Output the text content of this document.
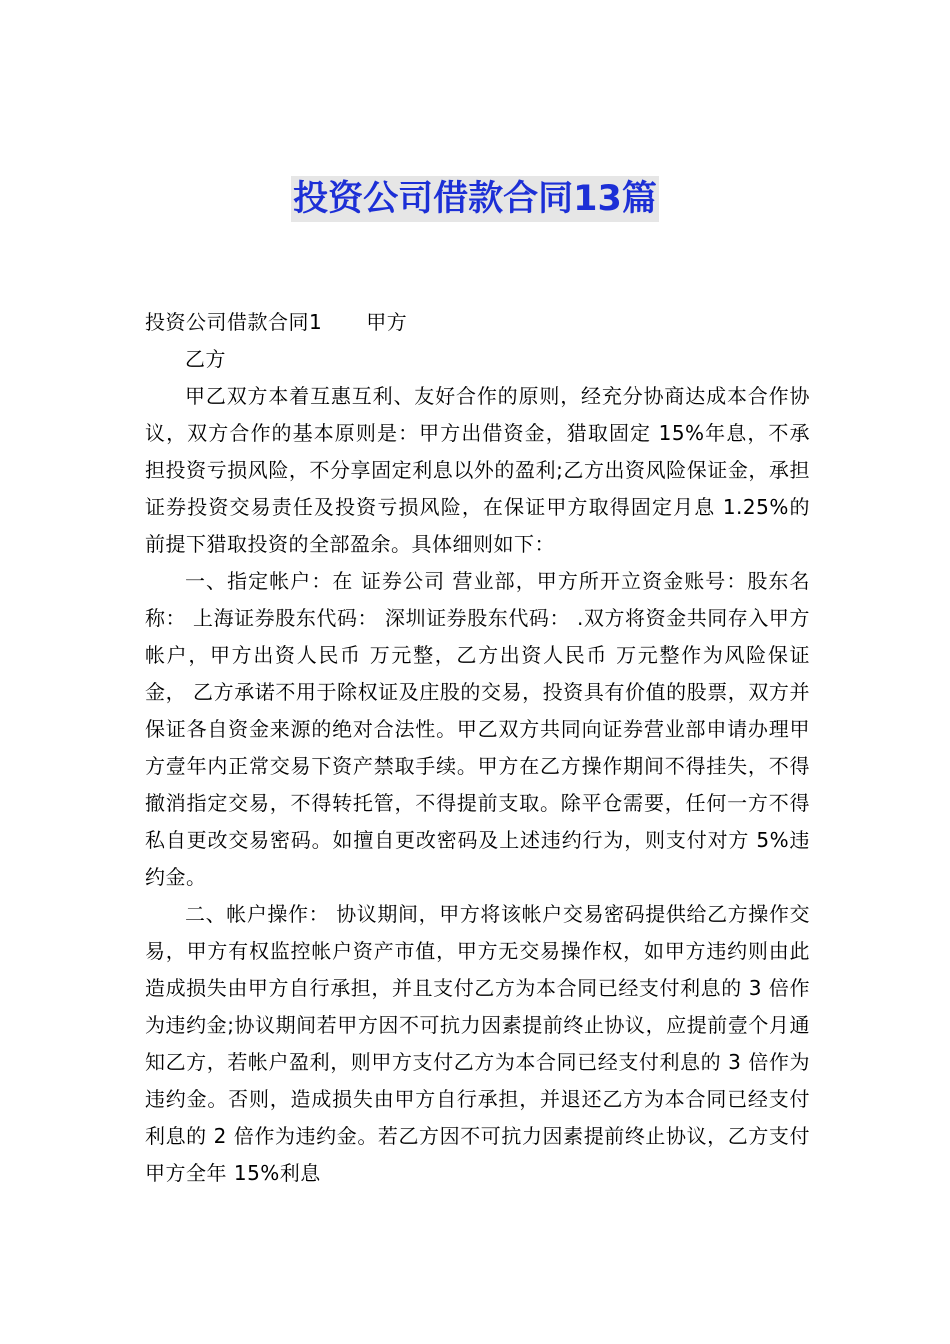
投资公司借款合同13篇

投资公司借款合同1 甲方

乙方

甲乙双方本着互惠互利、友好合作的原则，经充分协商达成本合作协议，双方合作的基本原则是：甲方出借资金，猎取固定 15%年息，不承担投资亏损风险，不分享固定利息以外的盈利;乙方出资风险保证金，承担证券投资交易责任及投资亏损风险，在保证甲方取得固定月息 1.25%的前提下猎取投资的全部盈余。具体细则如下：

一、指定帐户：在 证券公司 营业部，甲方所开立资金账号：股东名称： 上海证券股东代码： 深圳证券股东代码： .双方将资金共同存入甲方帐户，甲方出资人民币 万元整，乙方出资人民币 万元整作为风险保证金， 乙方承诺不用于除权证及庄股的交易，投资具有价值的股票，双方并保证各自资金来源的绝对合法性。甲乙双方共同向证券营业部申请办理甲方壹年内正常交易下资产禁取手续。甲方在乙方操作期间不得挂失，不得撤消指定交易，不得转托管，不得提前支取。除平仓需要，任何一方不得私自更改交易密码。如擅自更改密码及上述违约行为，则支付对方 5%违约金。

二、帐户操作： 协议期间，甲方将该帐户交易密码提供给乙方操作交易，甲方有权监控帐户资产市值，甲方无交易操作权，如甲方违约则由此造成损失由甲方自行承担，并且支付乙方为本合同已经支付利息的 3 倍作为违约金;协议期间若甲方因不可抗力因素提前终止协议，应提前壹个月通知乙方，若帐户盈利，则甲方支付乙方为本合同已经支付利息的 3 倍作为违约金。否则，造成损失由甲方自行承担，并退还乙方为本合同已经支付利息的 2 倍作为违约金。若乙方因不可抗力因素提前终止协议，乙方支付甲方全年 15%利息
